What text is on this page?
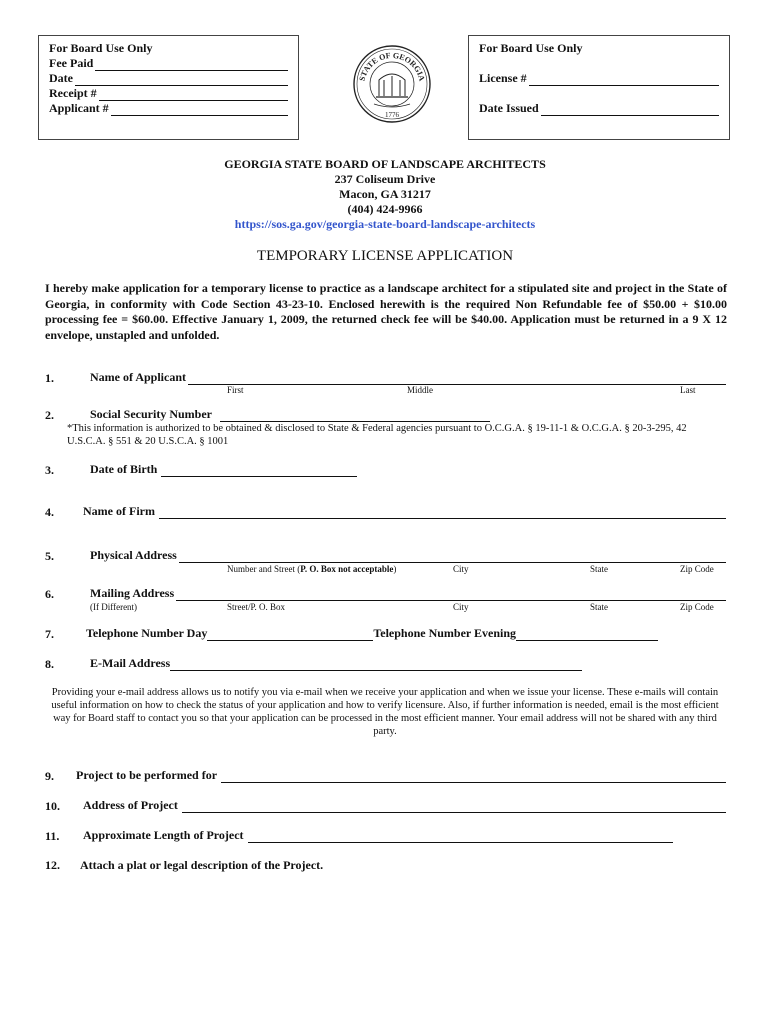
For Board Use Only
Fee Paid
Date
Receipt #
Applicant #
STATE OF GEORGIA
1776
For Board Use Only
License #
Date Issued
GEORGIA STATE BOARD OF LANDSCAPE ARCHITECTS
237 Coliseum Drive
Macon, GA 31217
(404) 424-9966
https://sos.ga.gov/georgia-state-board-landscape-architects
TEMPORARY LICENSE APPLICATION
I hereby make application for a temporary license to practice as a landscape architect for a stipulated site and project in the State of Georgia, in conformity with Code Section 43-23-10. Enclosed herewith is the required Non Refundable fee of $50.00 + $10.00 processing fee = $60.00. Effective January 1, 2009, the returned check fee will be $40.00. Application must be returned in a 9 X 12 envelope, unstapled and unfolded.
1.	Name of Applicant
First	Middle	Last
2.	Social Security Number
*This information is authorized to be obtained & disclosed to State & Federal agencies pursuant to O.C.G.A. § 19-11-1 & O.C.G.A. § 20-3-295, 42 U.S.C.A. § 551 & 20 U.S.C.A. § 1001
3.	Date of Birth
4. Name of Firm
5.	Physical Address
Number and Street (P. O. Box not acceptable)	City	State	Zip Code
6.	Mailing Address
(If Different)	Street/P. O. Box	City	State	Zip Code
7.	Telephone Number Day	Telephone Number Evening
8.	E-Mail Address
Providing your e-mail address allows us to notify you via e-mail when we receive your application and when we issue your license. These e-mails will contain useful information on how to check the status of your application and how to verify licensure. Also, if further information is needed, email is the most efficient way for Board staff to contact you so that your application can be processed in the most efficient manner. Your email address will not be shared with any third party.
9. Project to be performed for
10. Address of Project
11. Approximate Length of Project
12. Attach a plat or legal description of the Project.
